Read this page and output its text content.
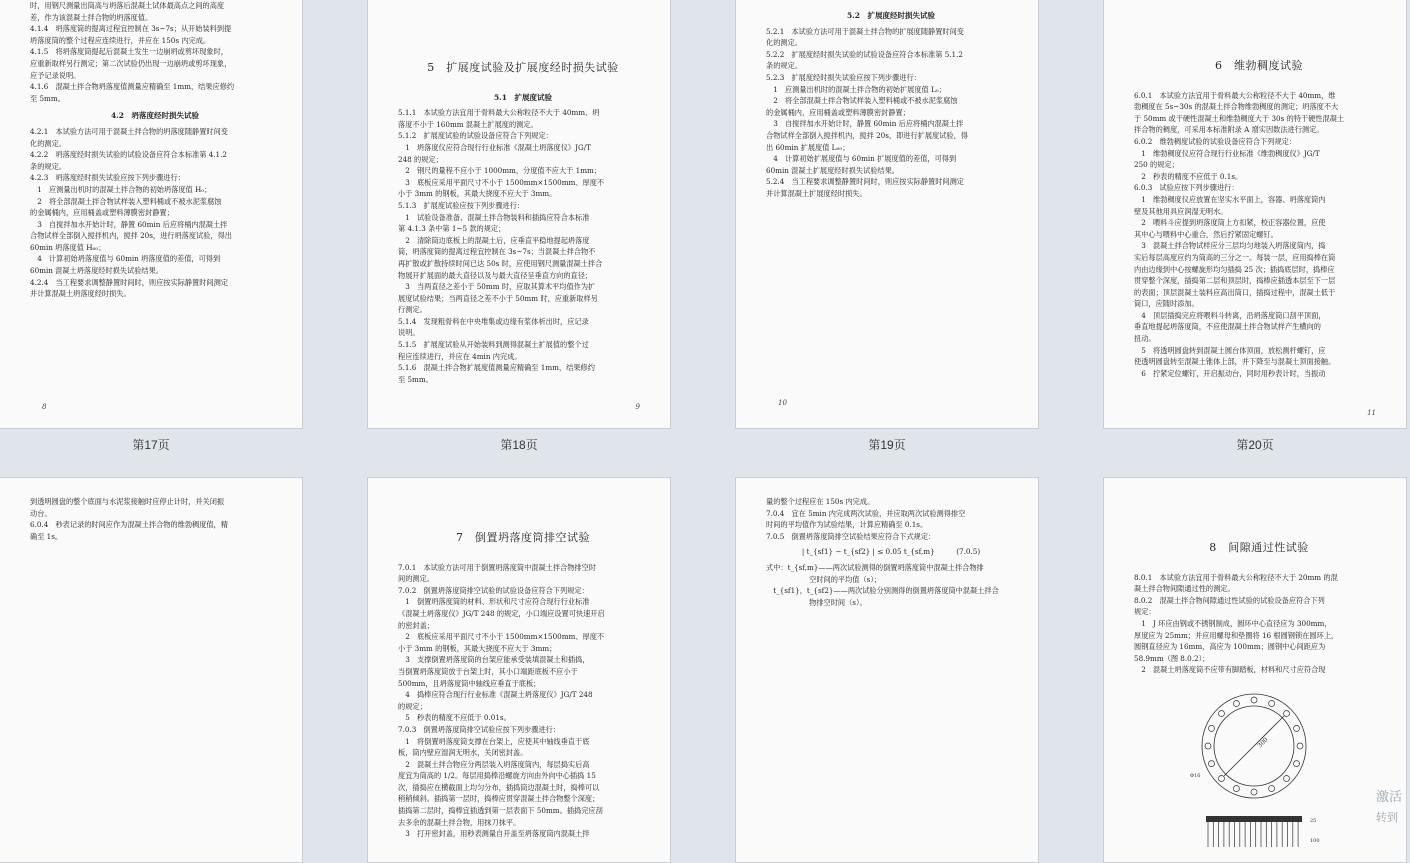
时，用钢尺测量出筒高与坍落后混凝土试体最高点之间的高度
差，作为该混凝土拌合物的坍落度值。
4.1.4　坍落度筒的提离过程宜控制在 3s~7s；从开始装料到提
坍落度筒的整个过程应连续进行，并应在 150s 内完成。
4.1.5　将坍落度筒提起后混凝土发生一边崩坍或剪坏现象时，
应重新取样另行测定；第二次试验仍出现一边崩坍或剪坏现象，
应予记录说明。
4.1.6　混凝土拌合物坍落度值测量应精确至 1mm，结果应修约
至 5mm。
4.2　坍落度经时损失试验
4.2.1　本试验方法可用于混凝土拌合物的坍落度随静置时间变
化的测定。
4.2.2　坍落度经时损失试验的试验设备应符合本标准第 4.1.2
条的规定。
4.2.3　坍落度经时损失试验应按下列步骤进行：
　1　应测量出机时的混凝土拌合物的初始坍落度值 H₀；
　2　将全部混凝土拌合物试样装入塑料桶或不被水泥浆腐蚀
的金属桶内，应用桶盖或塑料薄膜密封静置；
　3　自搅拌加水开始计时，静置 60min 后应将桶内混凝土拌
合物试样全部倒入搅拌机内，搅拌 20s，进行坍落度试验，得出
60min 坍落度值 H₆₀；
　4　计算初始坍落度值与 60min 坍落度值的差值，可得到
60min 混凝土坍落度经时损失试验结果。
4.2.4　当工程要求调整静置时间时，则应按实际静置时间测定
并计算混凝土坍落度经时损失。
8
第17页
5　扩展度试验及扩展度经时损失试验
5.1　扩展度试验
5.1.1　本试验方法宜用于骨料最大公称粒径不大于 40mm、坍
落度不小于 160mm 混凝土扩展度的测定。
5.1.2　扩展度试验的试验设备应符合下列规定：
　1　坍落度仪应符合现行行业标准《混凝土坍落度仪》JG/T
248 的规定；
　2　钢尺的量程不应小于 1000mm，分度值不应大于 1mm；
　3　底板应采用平面尺寸不小于 1500mm×1500mm、厚度不
小于 3mm 的钢板，其最大挠度不应大于 3mm。
5.1.3　扩展度试验应按下列步骤进行：
　1　试验设备准备、混凝土拌合物装料和插捣应符合本标准
第 4.1.3 条中第 1~5 款的规定；
　2　清除筒边底板上的混凝土后，应垂直平稳地提起坍落度
筒，坍落度筒的提离过程宜控制在 3s~7s；当混凝土拌合物不
再扩散或扩散持续时间已达 50s 时，应使用钢尺测量混凝土拌合
物展开扩展面的最大直径以及与最大直径呈垂直方向的直径；
　3　当两直径之差小于 50mm 时，应取其算术平均值作为扩
展度试验结果；当两直径之差不小于 50mm 时，应重新取样另
行测定。
5.1.4　发现粗骨料在中央堆集或边缘有浆体析出时，应记录
说明。
5.1.5　扩展度试验从开始装料到测得混凝土扩展值的整个过
程应连续进行，并应在 4min 内完成。
5.1.6　混凝土拌合物扩展度值测量应精确至 1mm，结果修约
至 5mm。
9
第18页
5.2　扩展度经时损失试验
5.2.1　本试验方法可用于混凝土拌合物的扩展度随静置时间变
化的测定。
5.2.2　扩展度经时损失试验的试验设备应符合本标准第 5.1.2
条的规定。
5.2.3　扩展度经时损失试验应按下列步骤进行：
　1　应测量出机时的混凝土拌合物的初始扩展度值 L₀；
　2　将全部混凝土拌合物试样装入塑料桶或不被水泥浆腐蚀
的金属桶内，应用桶盖或塑料薄膜密封静置；
　3　自搅拌加水开始计时，静置 60min 后应将桶内混凝土拌
合物试样全部倒入搅拌机内，搅拌 20s，即进行扩展度试验，得
出 60min 扩展度值 L₆₀；
　4　计算初始扩展度值与 60min 扩展度值的差值，可得到
60min 混凝土扩展度经时损失试验结果。
5.2.4　当工程要求调整静置时间时，则应按实际静置时间测定
并计算混凝土扩展度经时损失。
10
第19页
6　维勃稠度试验
6.0.1　本试验方法宜用于骨料最大公称粒径不大于 40mm，维
勃稠度在 5s~30s 的混凝土拌合物维勃稠度的测定；坍落度不大
于 50mm 或干硬性混凝土和维勃稠度大于 30s 的特干硬性混凝土
拌合物的稠度，可采用本标准附录 A 增实因数法进行测定。
6.0.2　维勃稠度试验的试验设备应符合下列规定：
　1　维勃稠度仪应符合现行行业标准《维勃稠度仪》JG/T
250 的规定；
　2　秒表的精度不应低于 0.1s。
6.0.3　试验应按下列步骤进行：
　1　维勃稠度仪应放置在坚实水平面上，容器、坍落度筒内
壁及其他用具应润湿无明水。
　2　喂料斗应提到坍落度筒上方扣紧，校正容器位置，应使
其中心与喂料中心重合，然后拧紧固定螺钉。
　3　混凝土拌合物试样应分三层均匀地装入坍落度筒内，捣
实后每层高度应约为筒高的三分之一。每装一层，应用捣棒在筒
内由边缘到中心按螺旋形均匀插捣 25 次；插捣底层时，捣棒应
贯穿整个深度，插捣第二层和顶层时，捣棒应插透本层至下一层
的表面；顶层混凝土装料应高出筒口，插捣过程中，混凝土低于
筒口，应随时添加。
　4　顶层插捣完应将喂料斗转离，沿坍落度筒口刮平顶面，
垂直地提起坍落度筒，不应使混凝土拌合物试样产生横向的
扭动。
　5　将透明圆盘转到混凝土圆台体顶面，放松测杆螺钉，应
使透明圆盘转至混凝土锥体上部，并下降至与混凝土顶面接触。
　6　拧紧定位螺钉，开启振动台，同时用秒表计时，当振动
11
第20页
到透明圆盘的整个底面与水泥浆接触时应停止计时，并关闭振
动台。
6.0.4　秒表记录的时间应作为混凝土拌合物的维勃稠度值，精
确至 1s。	7　倒置坍落度筒排空试验
7.0.1　本试验方法可用于倒置坍落度筒中混凝土拌合物排空时
间的测定。
7.0.2　倒置坍落度筒排空试验的试验设备应符合下列规定：
　1　倒置坍落度筒的材料、形状和尺寸应符合现行行业标准
《混凝土坍落度仪》JG/T 248 的规定，小口端应设置可快速开启
的密封盖；
　2　底板应采用平面尺寸不小于 1500mm×1500mm、厚度不
小于 3mm 的钢板，其最大挠度不应大于 3mm；
　3　支撑倒置坍落度筒的台架应能承受装填混凝土和插捣，
当倒置坍落度筒放于台架上时，其小口端距底板不应小于
500mm，且坍落度筒中轴线应垂直于底板；
　4　捣棒应符合现行行业标准《混凝土坍落度仪》JG/T 248
的规定；
　5　秒表的精度不应低于 0.01s。
7.0.3　倒置坍落度筒排空试验应按下列步骤进行：
　1　将倒置坍落度筒支撑在台架上，应使其中轴线垂直于底
板，筒内壁应湿润无明水，关闭密封盖。
　2　混凝土拌合物应分两层装入坍落度筒内，每层捣实后高
度宜为筒高的 1/2。每层用捣棒沿螺旋方向由外向中心插捣 15
次，插捣应在横截面上均匀分布，插捣筒边混凝土时，捣棒可以
稍稍倾斜。插捣第一层时，捣棒应贯穿混凝土拌合物整个深度；
插捣第二层时，捣棒宜插透到第一层表面下 50mm。插捣完应刮
去多余的混凝土拌合物，用抹刀抹平。
　3　打开密封盖，用秒表测量自开盖至坍落度筒内混凝土拌
量的整个过程应在 150s 内完成。
7.0.4　宜在 5min 内完成两次试验，并应取两次试验测得排空
时间的平均值作为试验结果，计算应精确至 0.1s。
7.0.5　倒置坍落度筒排空试验结果应符合下式规定：
| t_{sf1} − t_{sf2} | ≤ 0.05 t_{sf,m}　　　(7.0.5)
式中：t_{sf,m}——两次试验测得的倒置坍落度筒中混凝土拌合物排
　　　　　　空时间的平均值（s）；
　t_{sf1}，t_{sf2}——两次试验分别测得的倒置坍落度筒中混凝土拌合
　　　　　　物排空时间（s）。
8　间隙通过性试验
8.0.1　本试验方法宜用于骨料最大公称粒径不大于 20mm 的混
凝土拌合物间隙通过性的测定。
8.0.2　混凝土拌合物间隙通过性试验的试验设备应符合下列
规定：
　1　J 环应由钢或不锈钢制成，圆环中心直径应为 300mm，
厚度应为 25mm；并应用螺母和垫圈将 16 根圆钢锁在圆环上，
圆钢直径应为 16mm，高应为 100mm；圆钢中心间距应为
58.9mm（图 8.0.2）；
　2　混凝土坍落度筒不应带有脚踏板，材料和尺寸应符合现
300
Φ16
25
100
激活
转到
